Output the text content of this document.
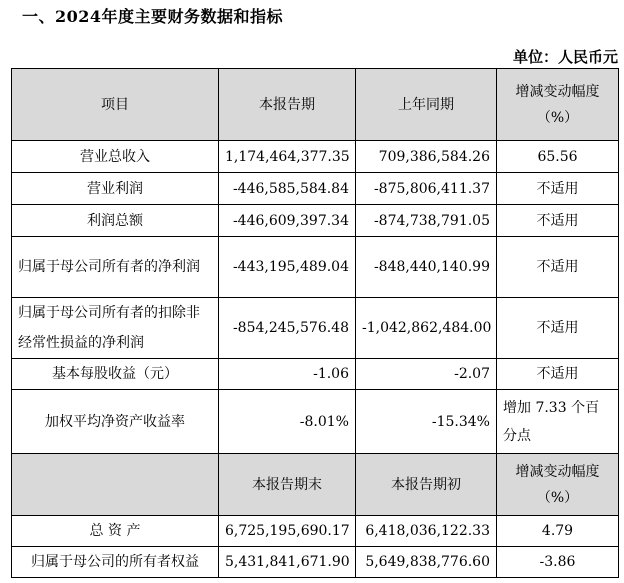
一、2024年度主要财务数据和指标
单位：人民币元
项目	本报告期	上年同期	增减变动幅度（%）
营业总收入	1,174,464,377.35	709,386,584.26	65.56
营业利润	-446,585,584.84	-875,806,411.37	不适用
利润总额	-446,609,397.34	-874,738,791.05	不适用
归属于母公司所有者的净利润	-443,195,489.04	-848,440,140.99	不适用
归属于母公司所有者的扣除非经常性损益的净利润	-854,245,576.48	-1,042,862,484.00	不适用
基本每股收益（元）	-1.06	-2.07	不适用
加权平均净资产收益率	-8.01%	-15.34%	增加 7.33 个百分点
	本报告期末	本报告期初	增减变动幅度（%）
总 资 产	6,725,195,690.17	6,418,036,122.33	4.79
归属于母公司的所有者权益	5,431,841,671.90	5,649,838,776.60	-3.86
